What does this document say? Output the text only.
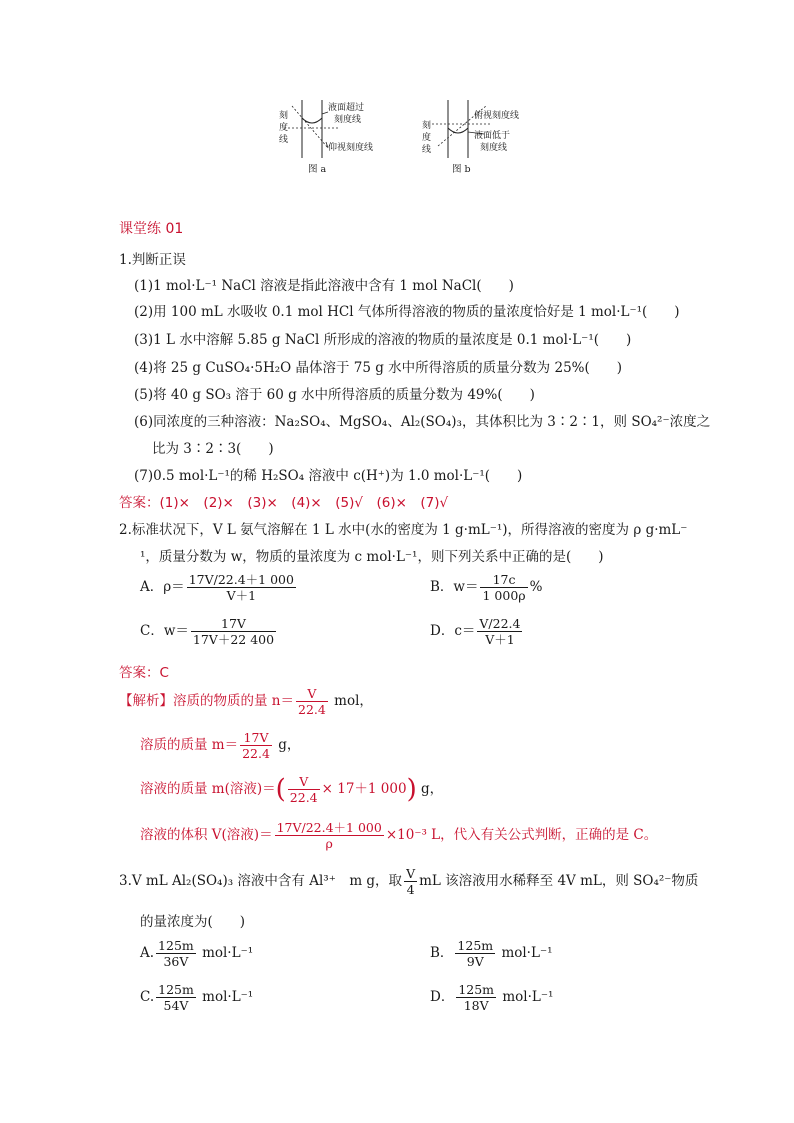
刻
度
线
液面超过
刻度线
仰视刻度线
图 a
刻
度
线
俯视刻度线
液面低于
刻度线
图 b
课堂练 01
1.判断正误
(1)1 mol·L⁻¹ NaCl 溶液是指此溶液中含有 1 mol NaCl(　　)
(2)用 100 mL 水吸收 0.1 mol HCl 气体所得溶液的物质的量浓度恰好是 1 mol·L⁻¹(　　)
(3)1 L 水中溶解 5.85 g NaCl 所形成的溶液的物质的量浓度是 0.1 mol·L⁻¹(　　)
(4)将 25 g CuSO₄·5H₂O 晶体溶于 75 g 水中所得溶质的质量分数为 25%(　　)
(5)将 40 g SO₃ 溶于 60 g 水中所得溶质的质量分数为 49%(　　)
(6)同浓度的三种溶液：Na₂SO₄、MgSO₄、Al₂(SO₄)₃，其体积比为 3∶2∶1，则 SO₄²⁻浓度之
比为 3∶2∶3(　　)
(7)0.5 mol·L⁻¹的稀 H₂SO₄ 溶液中 c(H⁺)为 1.0 mol·L⁻¹(　　)
答案：(1)×　(2)×　(3)×　(4)×　(5)√　(6)×　(7)√
2.标准状况下，V L 氨气溶解在 1 L 水中(水的密度为 1 g·mL⁻¹)，所得溶液的密度为 ρ g·mL⁻
¹，质量分数为 w，物质的量浓度为 c mol·L⁻¹，则下列关系中正确的是(　　)
A．$\rho= \frac{17V/22.4+1 000}{V+1}$	B．$w= \frac{17c}{1 000\rho}$ %
C．$w= \frac{17V}{17V+22 400}$	D．$c= \frac{V/22.4}{V+1}$
答案：C
【解析】溶质的物质的量 $n= \frac{V}{22.4}$ mol，
溶质的质量 $m= \frac{17V}{22.4}$ g，
溶液的质量 m(溶液)＝( $\frac{V}{22.4} \times 17+1$ 000) g，
溶液的体积 V(溶液)＝ $\frac{17V/22.4+1 000}{\rho} \times 10^{-3}$ L，代入有关公式判断，正确的是 C。
3.V mL Al₂(SO₄)₃ 溶液中含有 Al³⁺　m g，取 $\frac{V}{4}$ mL 该溶液用水稀释至 4V mL，则 SO₄²⁻物质
的量浓度为(　　)
A. $\frac{125m}{36V} mol\cdot L^{-1}$	B． $\frac{125m}{9V} mol\cdot L^{-1}$
C. $\frac{125m}{54V} mol\cdot L^{-1}$	D． $\frac{125m}{18V} mol\cdot L^{-1}$
